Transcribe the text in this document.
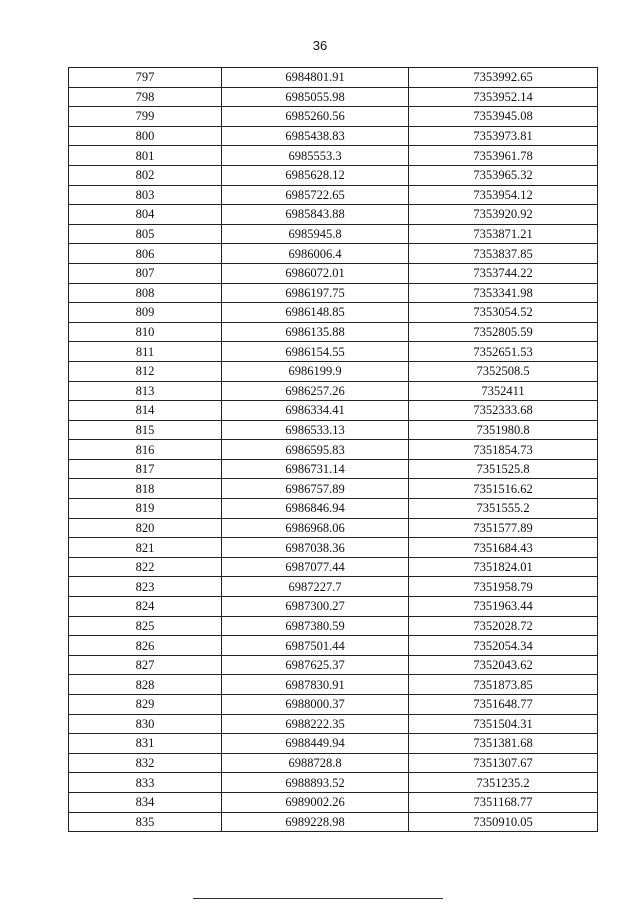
36
797	6984801.91	7353992.65
798	6985055.98	7353952.14
799	6985260.56	7353945.08
800	6985438.83	7353973.81
801	6985553.3	7353961.78
802	6985628.12	7353965.32
803	6985722.65	7353954.12
804	6985843.88	7353920.92
805	6985945.8	7353871.21
806	6986006.4	7353837.85
807	6986072.01	7353744.22
808	6986197.75	7353341.98
809	6986148.85	7353054.52
810	6986135.88	7352805.59
811	6986154.55	7352651.53
812	6986199.9	7352508.5
813	6986257.26	7352411
814	6986334.41	7352333.68
815	6986533.13	7351980.8
816	6986595.83	7351854.73
817	6986731.14	7351525.8
818	6986757.89	7351516.62
819	6986846.94	7351555.2
820	6986968.06	7351577.89
821	6987038.36	7351684.43
822	6987077.44	7351824.01
823	6987227.7	7351958.79
824	6987300.27	7351963.44
825	6987380.59	7352028.72
826	6987501.44	7352054.34
827	6987625.37	7352043.62
828	6987830.91	7351873.85
829	6988000.37	7351648.77
830	6988222.35	7351504.31
831	6988449.94	7351381.68
832	6988728.8	7351307.67
833	6988893.52	7351235.2
834	6989002.26	7351168.77
835	6989228.98	7350910.05
